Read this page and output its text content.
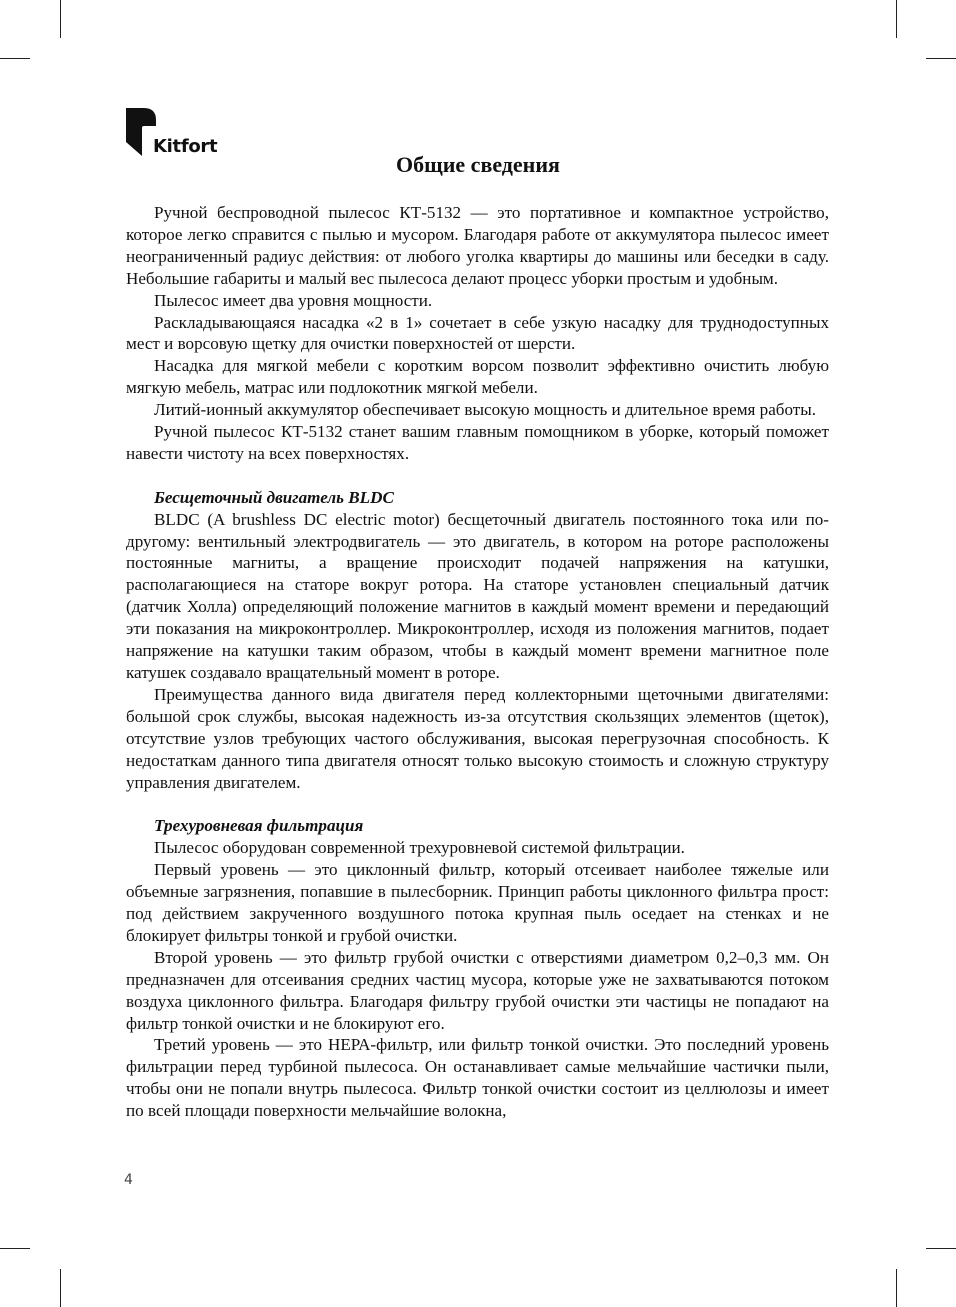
Kitfort
Общие сведения

Ручной беспроводной пылесос КТ-5132 — это портативное и компактное устройство, которое легко справится с пылью и мусором. Благодаря работе от аккумулятора пылесос имеет неограниченный радиус действия: от любого уголка квартиры до машины или беседки в саду. Небольшие габариты и малый вес пылесоса делают процесс уборки простым и удобным.

Пылесос имеет два уровня мощности.

Раскладывающаяся насадка «2 в 1» сочетает в себе узкую насадку для труднодоступных мест и ворсовую щетку для очистки поверхностей от шерсти.

Насадка для мягкой мебели с коротким ворсом позволит эффективно очистить любую мягкую мебель, матрас или подлокотник мягкой мебели.

Литий-ионный аккумулятор обеспечивает высокую мощность и длительное время работы.

Ручной пылесос КТ-5132 станет вашим главным помощником в уборке, который поможет навести чистоту на всех поверхностях.

Бесщеточный двигатель BLDC

BLDC (A brushless DC electric motor) бесщеточный двигатель постоянного тока или по-другому: вентильный электродвигатель — это двигатель, в котором на роторе расположены постоянные магниты, а вращение происходит подачей напряжения на катушки, располагающиеся на статоре вокруг ротора. На статоре установлен специальный датчик (датчик Холла) определяющий положение магнитов в каждый момент времени и передающий эти показания на микроконтроллер. Микроконтроллер, исходя из положения магнитов, подает напряжение на катушки таким образом, чтобы в каждый момент времени магнитное поле катушек создавало вращательный момент в роторе.

Преимущества данного вида двигателя перед коллекторными щеточными двигателями: большой срок службы, высокая надежность из-за отсутствия скользящих элементов (щеток), отсутствие узлов требующих частого обслуживания, высокая перегрузочная способность. К недостаткам данного типа двигателя относят только высокую стоимость и сложную структуру управления двигателем.

Трехуровневая фильтрация

Пылесос оборудован современной трехуровневой системой фильтрации.

Первый уровень — это циклонный фильтр, который отсеивает наиболее тяжелые или объемные загрязнения, попавшие в пылесборник. Принцип работы циклонного фильтра прост: под действием закрученного воздушного потока крупная пыль оседает на стенках и не блокирует фильтры тонкой и грубой очистки.

Второй уровень — это фильтр грубой очистки с отверстиями диаметром 0,2–0,3 мм. Он предназначен для отсеивания средних частиц мусора, которые уже не захватываются потоком воздуха циклонного фильтра. Благодаря фильтру грубой очистки эти частицы не попадают на фильтр тонкой очистки и не блокируют его.

Третий уровень — это НЕРА-фильтр, или фильтр тонкой очистки. Это последний уровень фильтрации перед турбиной пылесоса. Он останавливает самые мельчайшие частички пыли, чтобы они не попали внутрь пылесоса. Фильтр тонкой очистки состоит из целлюлозы и имеет по всей площади поверхности мельчайшие волокна,

4
